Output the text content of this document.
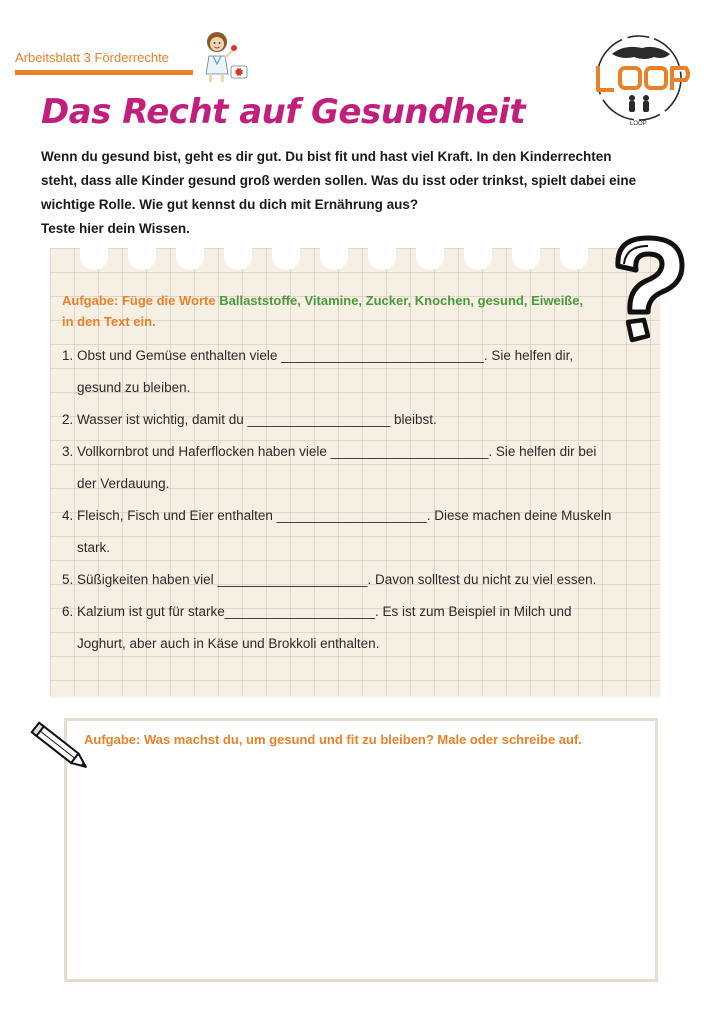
Arbeitsblatt 3 Förderrechte
LOOP
Das Recht auf Gesundheit

Wenn du gesund bist, geht es dir gut. Du bist fit und hast viel Kraft. In den Kinderrechten

steht, dass alle Kinder gesund groß werden sollen. Was du isst oder trinkst, spielt dabei eine

wichtige Rolle. Wie gut kennst du dich mit Ernährung aus?

Teste hier dein Wissen.

Aufgabe: Füge die Worte Ballaststoffe, Vitamine, Zucker, Knochen, gesund, Eiweiße,
in den Text ein.
1. Obst und Gemüse enthalten viele ___________________________. Sie helfen dir,
gesund zu bleiben.
2. Wasser ist wichtig, damit du ___________________ bleibst.
3. Vollkornbrot und Haferflocken haben viele _____________________. Sie helfen dir bei
der Verdauung.
4. Fleisch, Fisch und Eier enthalten ____________________. Diese machen deine Muskeln
stark.
5. Süßigkeiten haben viel ____________________. Davon solltest du nicht zu viel essen.
6. Kalzium ist gut für starke____________________. Es ist zum Beispiel in Milch und
Joghurt, aber auch in Käse und Brokkoli enthalten.
Aufgabe: Was machst du, um gesund und fit zu bleiben? Male oder schreibe auf.
